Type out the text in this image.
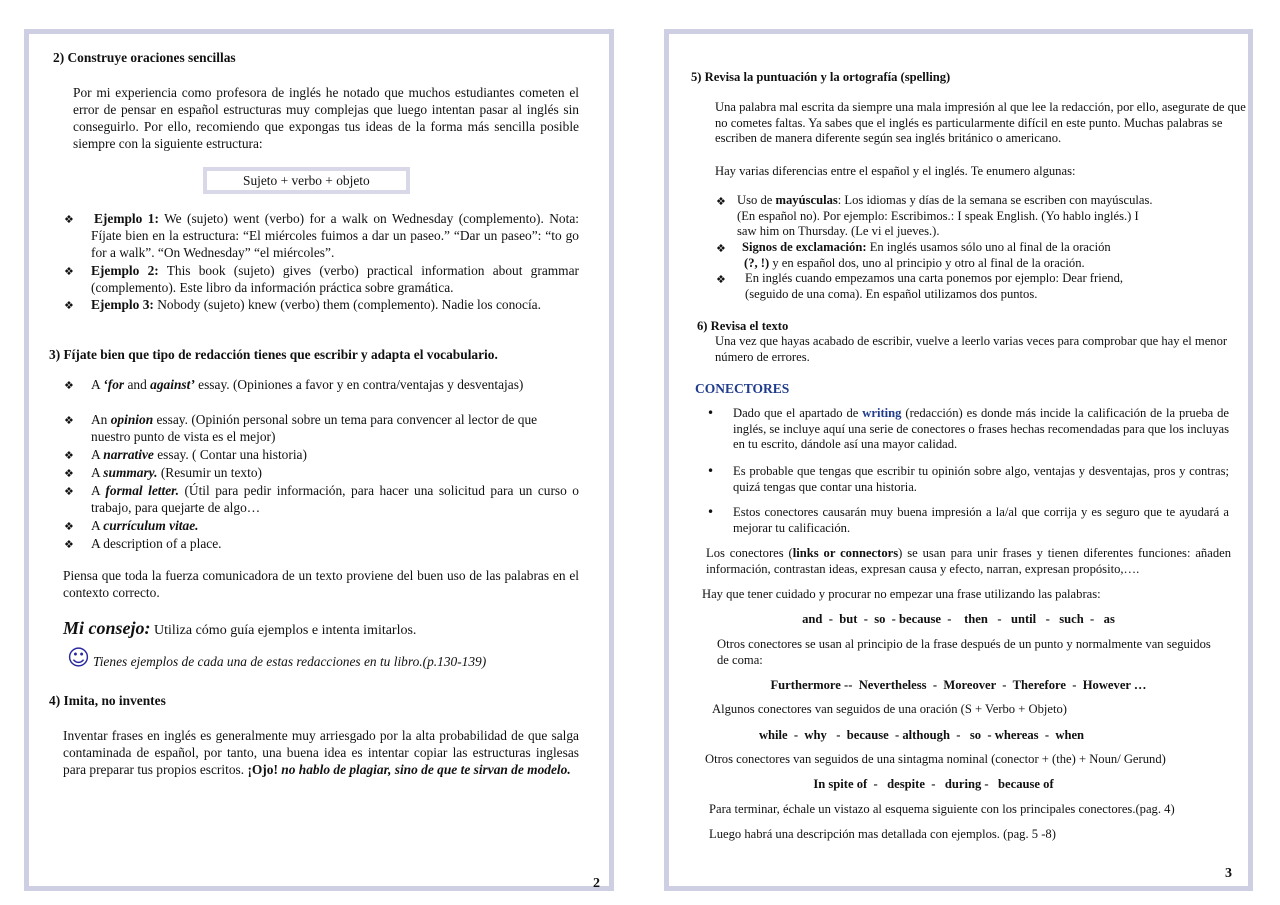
2) Construye oraciones sencillas

Por mi experiencia como profesora de inglés he notado que muchos estudiantes cometen el error de pensar en español estructuras muy complejas que luego intentan pasar al inglés sin conseguirlo. Por ello, recomiendo que expongas tus ideas de la forma más sencilla posible siempre con la siguiente estructura:

Sujeto + verbo + objeto
❖ Ejemplo 1: We (sujeto) went (verbo) for a walk on Wednesday (complemento). Nota: Fíjate bien en la estructura: “El miércoles fuimos a dar un paseo.” “Dar un paseo”: “to go for a walk”. “On Wednesday” “el miércoles”.

❖ Ejemplo 2: This book (sujeto) gives (verbo) practical information about grammar (complemento). Este libro da información práctica sobre gramática.

❖ Ejemplo 3: Nobody (sujeto) knew (verbo) them (complemento). Nadie los conocía.

3) Fíjate bien que tipo de redacción tienes que escribir y adapta el vocabulario.

❖ A ‘for and against’ essay. (Opiniones a favor y en contra/ventajas y desventajas)

❖ An opinion essay. (Opinión personal sobre un tema para convencer al lector de que nuestro punto de vista es el mejor)

❖ A narrative essay. ( Contar una historia)

❖ A summary. (Resumir un texto)

❖ A formal letter. (Útil para pedir información, para hacer una solicitud para un curso o trabajo, para quejarte de algo…

❖ A currículum vitae.

❖ A description of a place.

Piensa que toda la fuerza comunicadora de un texto proviene del buen uso de las palabras en el contexto correcto.

Mi consejo: Utiliza cómo guía ejemplos e intenta imitarlos.

☺ Tienes ejemplos de cada una de estas redacciones en tu libro.(p.130-139)

4) Imita, no inventes

Inventar frases en inglés es generalmente muy arriesgado por la alta probabilidad de que salga contaminada de español, por tanto, una buena idea es intentar copiar las estructuras inglesas para preparar tus propios escritos. ¡Ojo! no hablo de plagiar, sino de que te sirvan de modelo.

2

5) Revisa la puntuación y la ortografía (spelling)

Una palabra mal escrita da siempre una mala impresión al que lee la redacción, por ello, asegurate de que no cometes faltas. Ya sabes que el inglés es particularmente difícil en este punto. Muchas palabras se escriben de manera diferente según sea inglés británico o americano.

Hay varias diferencias entre el español y el inglés. Te enumero algunas:

❖ Uso de mayúsculas: Los idiomas y días de la semana se escriben con mayúsculas. (En español no). Por ejemplo: Escribimos.: I speak English. (Yo hablo inglés.) I saw him on Thursday. (Le vi el jueves.).

❖ Signos de exclamación: En inglés usamos sólo uno al final de la oración
(?, !) y en español dos, uno al principio y otro al final de la oración.

❖ En inglés cuando empezamos una carta ponemos por ejemplo: Dear friend, (seguido de una coma). En español utilizamos dos puntos.

6) Revisa el texto

Una vez que hayas acabado de escribir, vuelve a leerlo varias veces para comprobar que hay el menor número de errores.

CONECTORES

• Dado que el apartado de writing (redacción) es donde más incide la calificación de la prueba de inglés, se incluye aquí una serie de conectores o frases hechas recomendadas para que los incluyas en tu escrito, dándole así una mayor calidad.

• Es probable que tengas que escribir tu opinión sobre algo, ventajas y desventajas, pros y contras; quizá tengas que contar una historia.

• Estos conectores causarán muy buena impresión a la/al que corrija y es seguro que te ayudará a mejorar tu calificación.

Los conectores (links or connectors) se usan para unir frases y tienen diferentes funciones: añaden información, contrastan ideas, expresan causa y efecto, narran, expresan propósito,….

Hay que tener cuidado y procurar no empezar una frase utilizando las palabras:

and  -  but  -  so  - because  -    then   -   until   -   such  -   as

Otros conectores se usan al principio de la frase después de un punto y normalmente van seguidos de coma:

Furthermore --  Nevertheless  -  Moreover  -  Therefore  -  However …

Algunos conectores van seguidos de una oración (S + Verbo + Objeto)

while  -  why   -  because  - although  -   so  - whereas  -  when

Otros conectores van seguidos de una sintagma nominal (conector + (the) + Noun/ Gerund)

In spite of  -   despite  -   during -   because of

Para terminar, échale un vistazo al esquema siguiente con los principales conectores.(pag. 4)

Luego habrá una descripción mas detallada con ejemplos. (pag. 5 -8)

3
